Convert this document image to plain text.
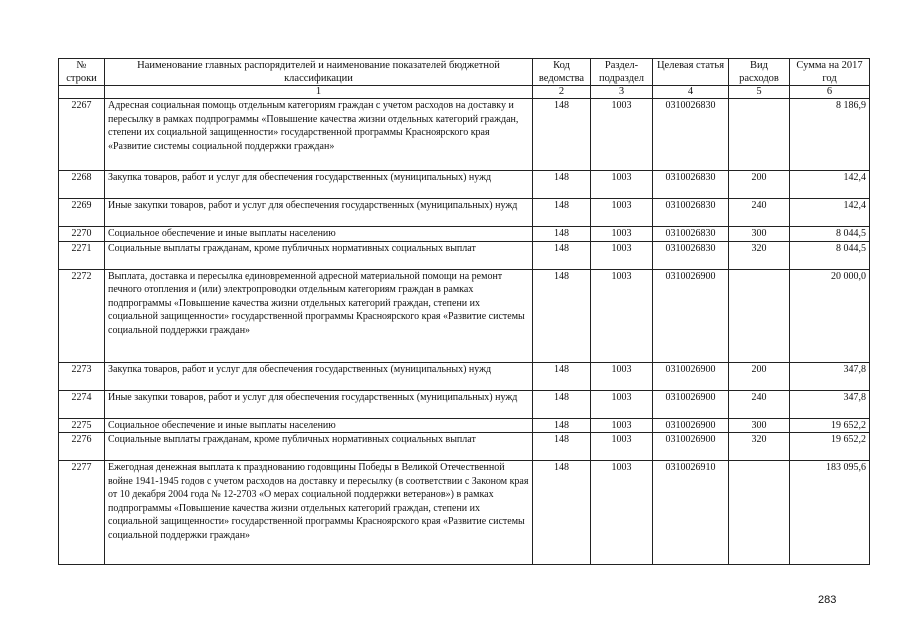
№ строки	Наименование главных распорядителей и наименование показателей бюджетной классификации	Код ведомства	Раздел-подраздел	Целевая статья	Вид расходов	Сумма на 2017 год
	1	2	3	4	5	6
2267	Адресная социальная помощь отдельным категориям граждан с учетом расходов на доставку и пересылку в рамках подпрограммы «Повышение качества жизни отдельных категорий граждан, степени их социальной защищенности» государственной программы Красноярского края «Развитие системы социальной поддержки граждан»	148	1003	0310026830		8 186,9
2268	Закупка товаров, работ и услуг для обеспечения государственных (муниципальных) нужд	148	1003	0310026830	200	142,4
2269	Иные закупки товаров, работ и услуг для обеспечения государственных (муниципальных) нужд	148	1003	0310026830	240	142,4
2270	Социальное обеспечение и иные выплаты населению	148	1003	0310026830	300	8 044,5
2271	Социальные выплаты гражданам, кроме публичных нормативных социальных выплат	148	1003	0310026830	320	8 044,5
2272	Выплата, доставка и пересылка единовременной адресной материальной помощи на ремонт печного отопления и (или) электропроводки отдельным категориям граждан в рамках подпрограммы «Повышение качества жизни отдельных категорий граждан, степени их социальной защищенности» государственной программы Красноярского края «Развитие системы социальной поддержки граждан»	148	1003	0310026900		20 000,0
2273	Закупка товаров, работ и услуг для обеспечения государственных (муниципальных) нужд	148	1003	0310026900	200	347,8
2274	Иные закупки товаров, работ и услуг для обеспечения государственных (муниципальных) нужд	148	1003	0310026900	240	347,8
2275	Социальное обеспечение и иные выплаты населению	148	1003	0310026900	300	19 652,2
2276	Социальные выплаты гражданам, кроме публичных нормативных социальных выплат	148	1003	0310026900	320	19 652,2
2277	Ежегодная денежная выплата к празднованию годовщины Победы в Великой Отечественной войне 1941-1945 годов с учетом расходов на доставку и пересылку (в соответствии с Законом края от 10 декабря 2004 года № 12-2703 «О мерах социальной поддержки ветеранов») в рамках подпрограммы «Повышение качества жизни отдельных категорий граждан, степени их социальной защищенности» государственной программы Красноярского края «Развитие системы социальной поддержки граждан»	148	1003	0310026910		183 095,6
283
